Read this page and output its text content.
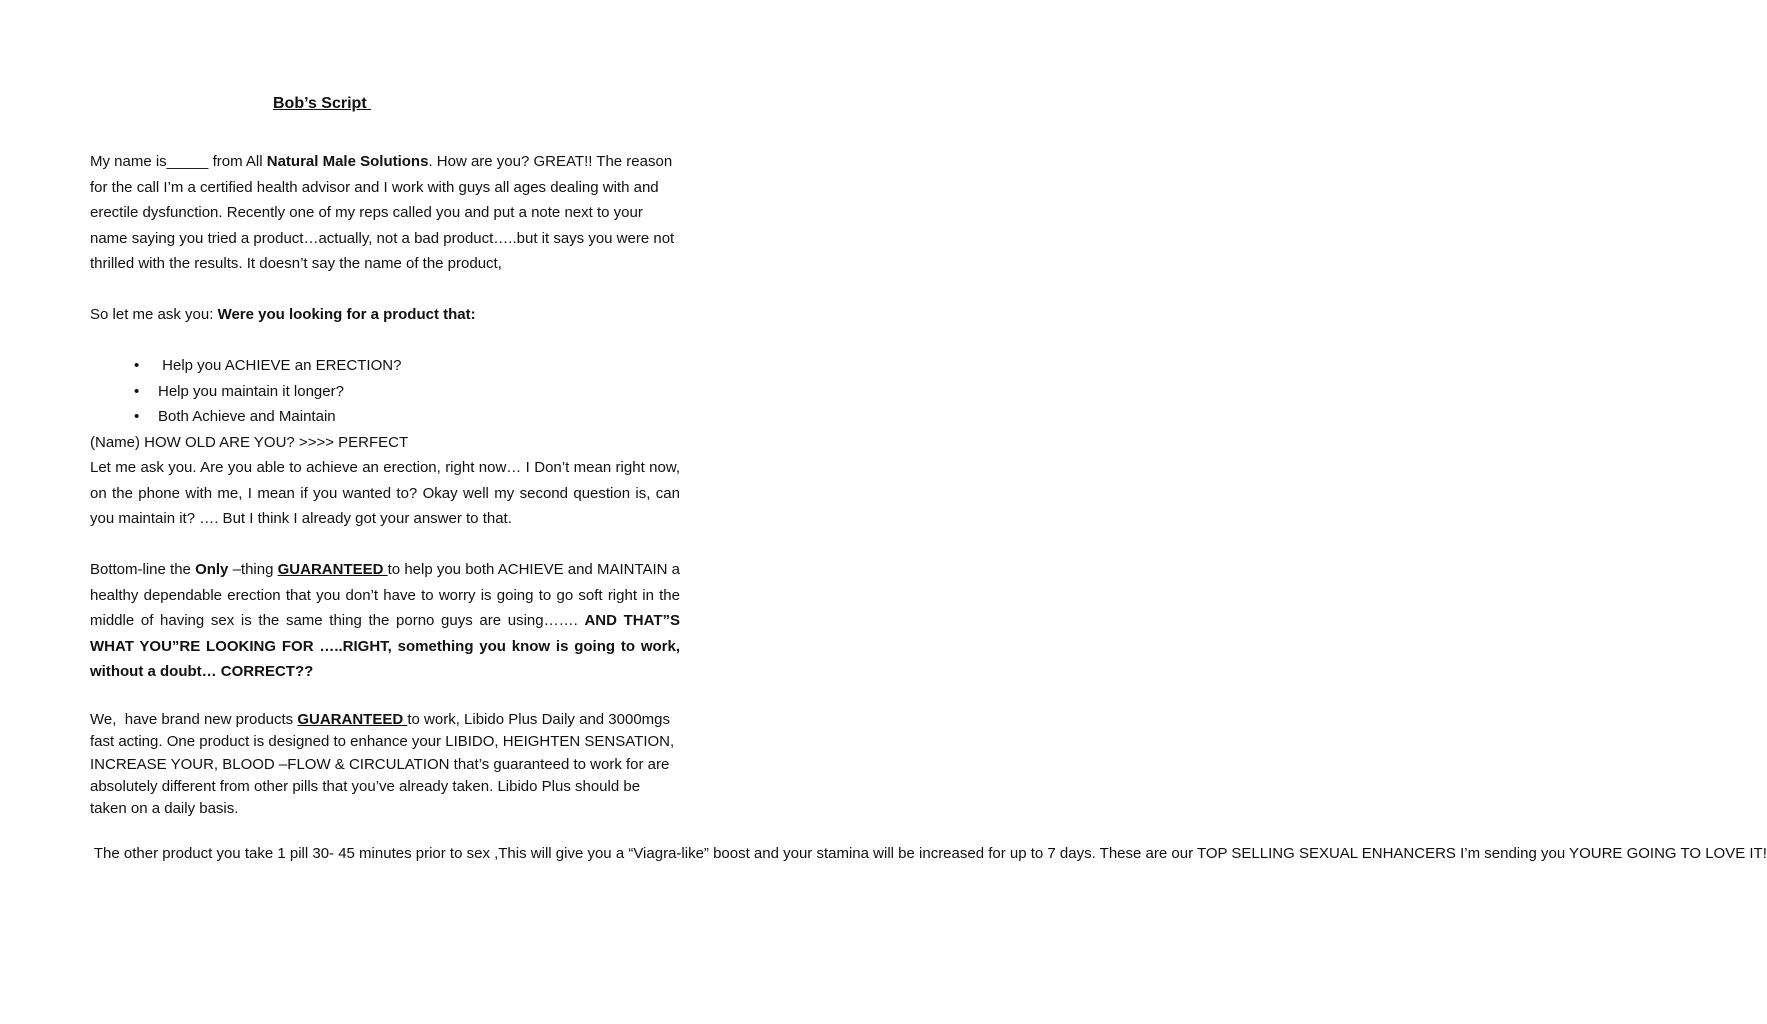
Bob’s Script

My name is_____ from All Natural Male Solutions. How are you? GREAT!! The reason for the call I’m a certified health advisor and I work with guys all ages dealing with and erectile dysfunction. Recently one of my reps called you and put a note next to your name saying you tried a product…actually, not a bad product…..but it says you were not thrilled with the results. It doesn’t say the name of the product,

So let me ask you: Were you looking for a product that:

• Help you ACHIEVE an ERECTION?
• Help you maintain it longer?
• Both Achieve and Maintain

(Name) HOW OLD ARE YOU? >>>> PERFECT

Let me ask you. Are you able to achieve an erection, right now… I Don’t mean right now, on the phone with me, I mean if you wanted to? Okay well my second question is, can you maintain it? …. But I think I already got your answer to that.

Bottom-line the Only –thing GUARANTEED to help you both ACHIEVE and MAINTAIN a healthy dependable erection that you don’t have to worry is going to go soft right in the middle of having sex is the same thing the porno guys are using……. AND THAT”S WHAT YOU”RE LOOKING FOR …..RIGHT, something you know is going to work, without a doubt… CORRECT??

We,  have brand new products GUARANTEED to work, Libido Plus Daily and 3000mgs fast acting. One product is designed to enhance your LIBIDO, HEIGHTEN SENSATION, INCREASE YOUR, BLOOD –FLOW & CIRCULATION that’s guaranteed to work for are absolutely different from other pills that you’ve already taken. Libido Plus should be taken on a daily basis.

The other product you take 1 pill 30- 45 minutes prior to sex ,This will give you a “Viagra-like” boost and your stamina will be increased for up to 7 days. These are our TOP SELLING SEXUAL ENHANCERS I’m sending you YOURE GOING TO LOVE IT!
